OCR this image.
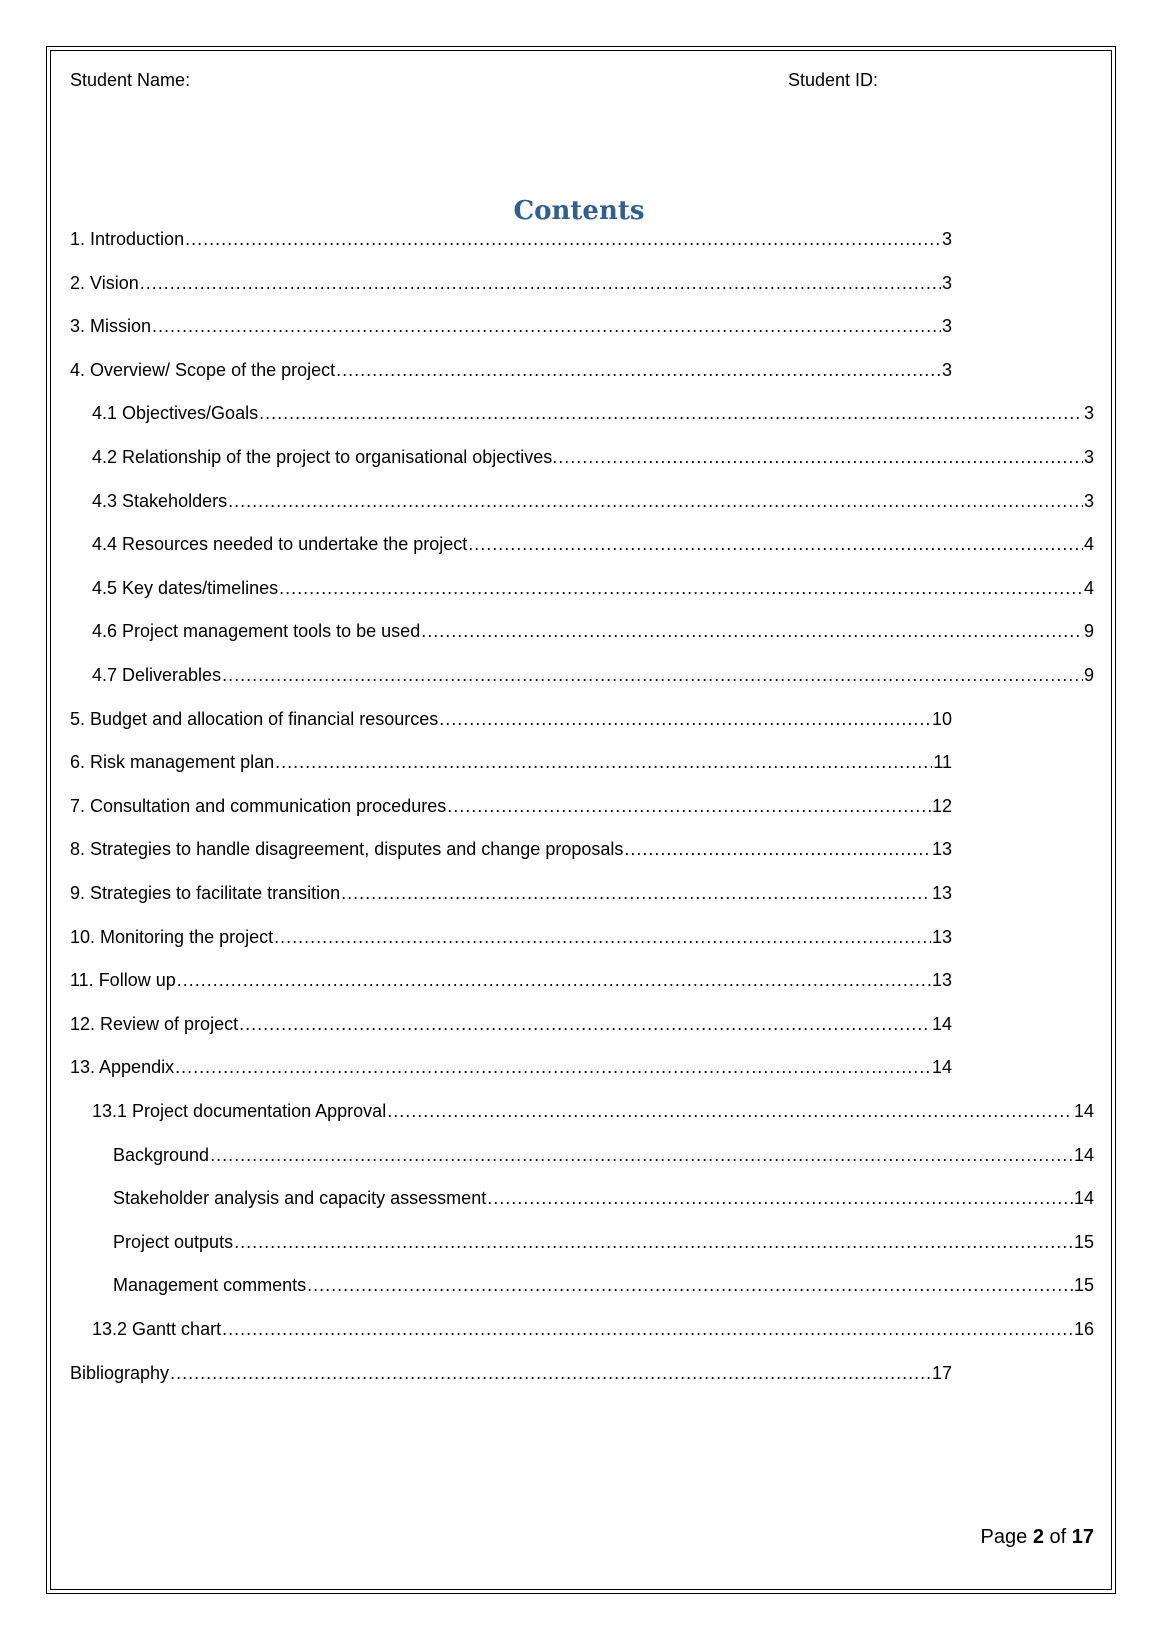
Student Name:	Student ID:
Contents
1. Introduction .....	3
2. Vision .....	3
3. Mission .....	3
4. Overview/ Scope of the project .....	3
4.1 Objectives/Goals .....	3
4.2 Relationship of the project to organisational objectives. .....	3
4.3 Stakeholders .....	3
4.4 Resources needed to undertake the project .....	4
4.5 Key dates/timelines .....	4
4.6 Project management tools to be used .....	9
4.7 Deliverables .....	9
5. Budget and allocation of financial resources .....	10
6. Risk management plan .....	11
7. Consultation and communication procedures .....	12
8. Strategies to handle disagreement, disputes and change proposals .....	13
9. Strategies to facilitate transition .....	13
10. Monitoring the project .....	13
11. Follow up .....	13
12. Review of project .....	14
13. Appendix .....	14
13.1 Project documentation Approval .....	14
Background .....	14
Stakeholder analysis and capacity assessment .....	14
Project outputs .....	15
Management comments .....	15
13.2 Gantt chart .....	16
Bibliography .....	17
Page 2 of 17
